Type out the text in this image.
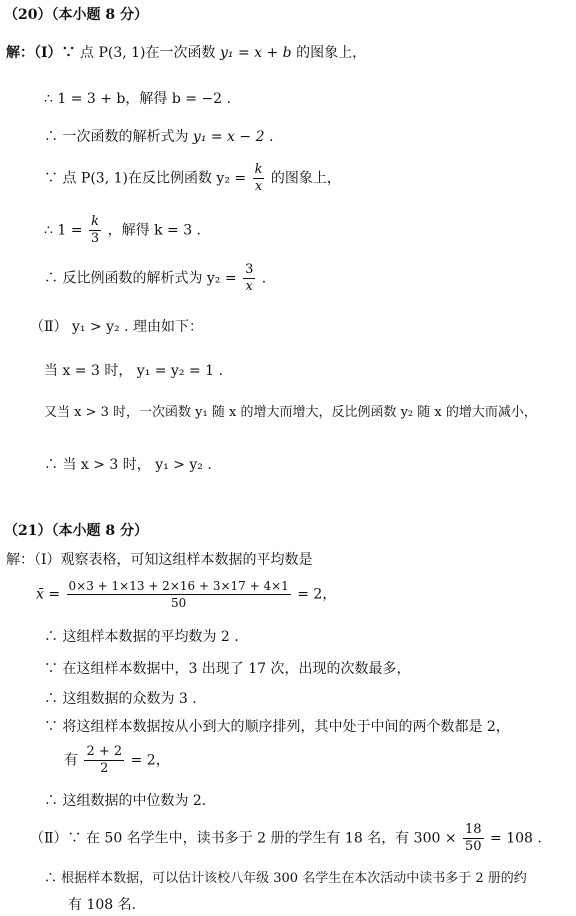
（20）（本小题 8 分）
解：（Ⅰ）∵ 点 P(3, 1)在一次函数 y₁ = x + b 的图象上，
∴ 1 = 3 + b，解得 b = −2 .
∴ 一次函数的解析式为 y₁ = x − 2 .
∵ 点 P(3, 1)在反比例函数 $y_2 = \frac{k}{x}$ 的图象上，
∴ $1 = \frac{k}{3}$ ，解得 k = 3 .
∴ 反比例函数的解析式为 $y_2 = \frac{3}{x}$ .
（Ⅱ） y₁ > y₂ . 理由如下：
当 x = 3 时， y₁ = y₂ = 1 .
又当 x > 3 时，一次函数 y₁ 随 x 的增大而增大，反比例函数 y₂ 随 x 的增大而减小，
∴ 当 x > 3 时， y₁ > y₂ .
（21）（本小题 8 分）
解：（Ⅰ）观察表格，可知这组样本数据的平均数是
x̄ = $\frac{0\times 3 + 1\times 13 + 2\times 16 + 3\times 17 + 4\times 1}{50} = 2$，
∴ 这组样本数据的平均数为 2 .
∵ 在这组样本数据中，3 出现了 17 次，出现的次数最多，
∴ 这组数据的众数为 3 .
∵ 将这组样本数据按从小到大的顺序排列，其中处于中间的两个数都是 2，
有 $\frac{2 + 2}{2} = 2$，
∴ 这组数据的中位数为 2.
（Ⅱ）∵ 在 50 名学生中，读书多于 2 册的学生有 18 名，有 $300 \times \frac{18}{50} = 108$ .
∴ 根据样本数据，可以估计该校八年级 300 名学生在本次活动中读书多于 2 册的约
有 108 名.
